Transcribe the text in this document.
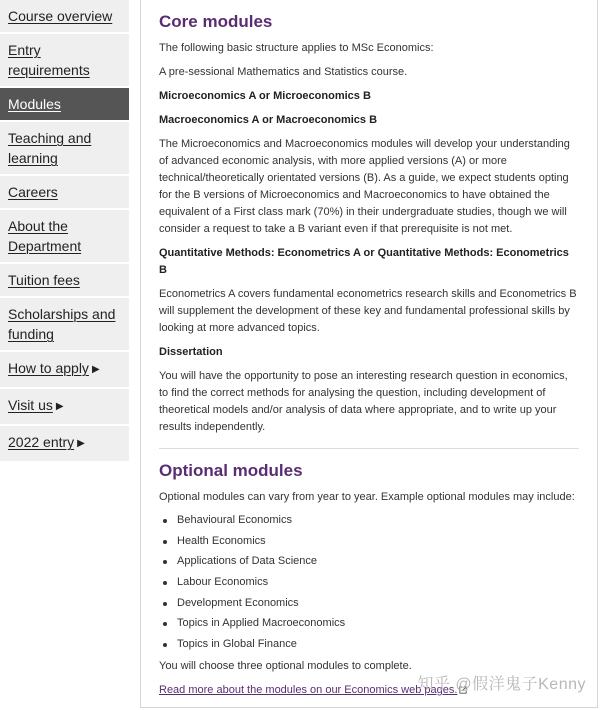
Course overview
Entry requirements
Modules
Teaching and learning
Careers
About the Department
Tuition fees
Scholarships and funding
How to apply ▶
Visit us ▶
2022 entry ▶
Core modules

The following basic structure applies to MSc Economics:

A pre-sessional Mathematics and Statistics course.

Microeconomics A or Microeconomics B

Macroeconomics A or Macroeconomics B

The Microeconomics and Macroeconomics modules will develop your understanding of advanced economic analysis, with more applied versions (A) or more technical/theoretically orientated versions (B). As a guide, we expect students opting for the B versions of Microeconomics and Macroeconomics to have obtained the equivalent of a First class mark (70%) in their undergraduate studies, though we will consider a request to take a B variant even if that prerequisite is not met.

Quantitative Methods: Econometrics A or Quantitative Methods: Econometrics B

Econometrics A covers fundamental econometrics research skills and Econometrics B will supplement the development of these key and fundamental professional skills by looking at more advanced topics.

Dissertation

You will have the opportunity to pose an interesting research question in economics, to find the correct methods for analysing the question, including development of theoretical models and/or analysis of data where appropriate, and to write up your results independently.

Optional modules

Optional modules can vary from year to year. Example optional modules may include:

Behavioural Economics
Health Economics
Applications of Data Science
Labour Economics
Development Economics
Topics in Applied Macroeconomics
Topics in Global Finance

You will choose three optional modules to complete.

Read more about the modules on our Economics web pages.

知乎 @假洋鬼子Kenny
